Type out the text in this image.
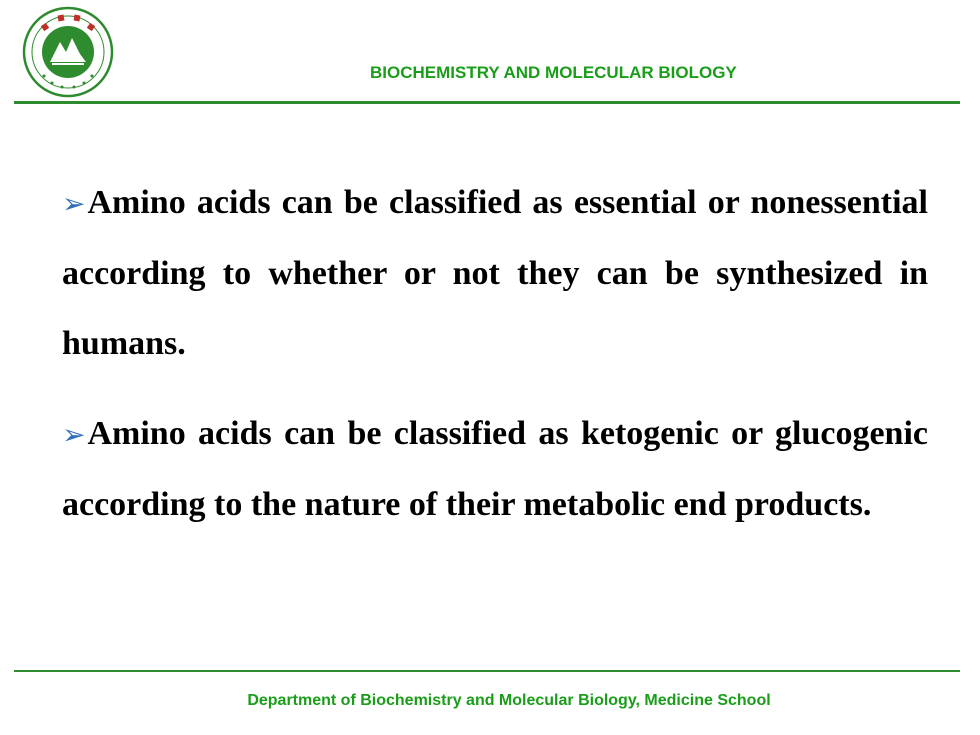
BIOCHEMISTRY AND MOLECULAR BIOLOGY

➢Amino acids can be classified as essential or nonessential according to whether or not they can be synthesized in humans.

➢Amino acids can be classified as ketogenic or glucogenic according to the nature of their metabolic end products.

Department of Biochemistry and Molecular Biology, Medicine School
